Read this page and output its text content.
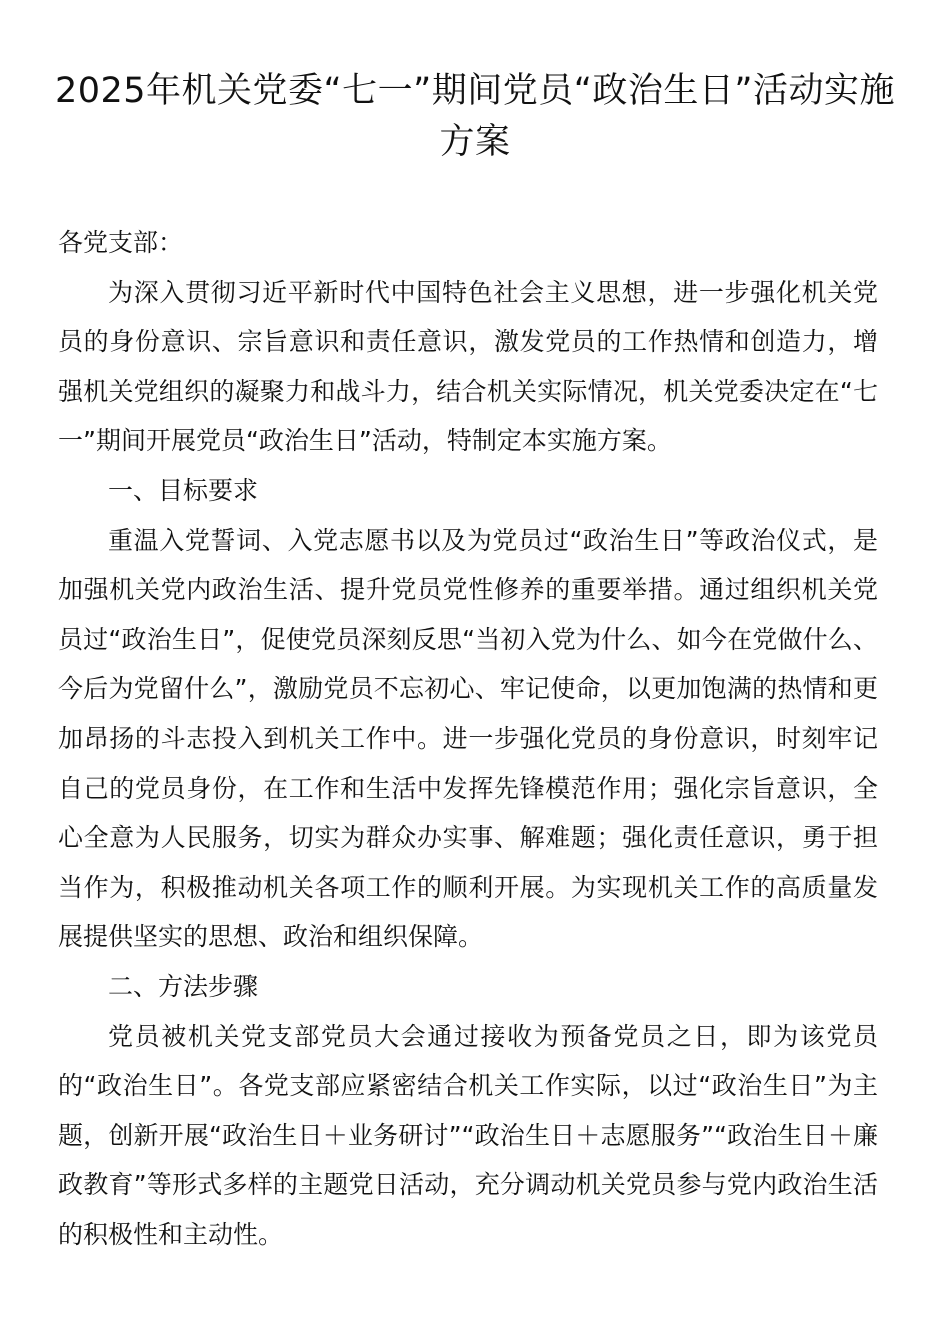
2025年机关党委“七一”期间党员“政治生日”活动实施方案

各党支部：

为深入贯彻习近平新时代中国特色社会主义思想，进一步强化机关党员的身份意识、宗旨意识和责任意识，激发党员的工作热情和创造力，增强机关党组织的凝聚力和战斗力，结合机关实际情况，机关党委决定在“七一”期间开展党员“政治生日”活动，特制定本实施方案。

一、目标要求

重温入党誓词、入党志愿书以及为党员过“政治生日”等政治仪式，是加强机关党内政治生活、提升党员党性修养的重要举措。通过组织机关党员过“政治生日”，促使党员深刻反思“当初入党为什么、如今在党做什么、今后为党留什么”，激励党员不忘初心、牢记使命，以更加饱满的热情和更加昂扬的斗志投入到机关工作中。进一步强化党员的身份意识，时刻牢记自己的党员身份，在工作和生活中发挥先锋模范作用；强化宗旨意识，全心全意为人民服务，切实为群众办实事、解难题；强化责任意识，勇于担当作为，积极推动机关各项工作的顺利开展。为实现机关工作的高质量发展提供坚实的思想、政治和组织保障。

二、方法步骤

党员被机关党支部党员大会通过接收为预备党员之日，即为该党员的“政治生日”。各党支部应紧密结合机关工作实际，以过“政治生日”为主题，创新开展“政治生日＋业务研讨”“政治生日＋志愿服务”“政治生日＋廉政教育”等形式多样的主题党日活动，充分调动机关党员参与党内政治生活的积极性和主动性。
